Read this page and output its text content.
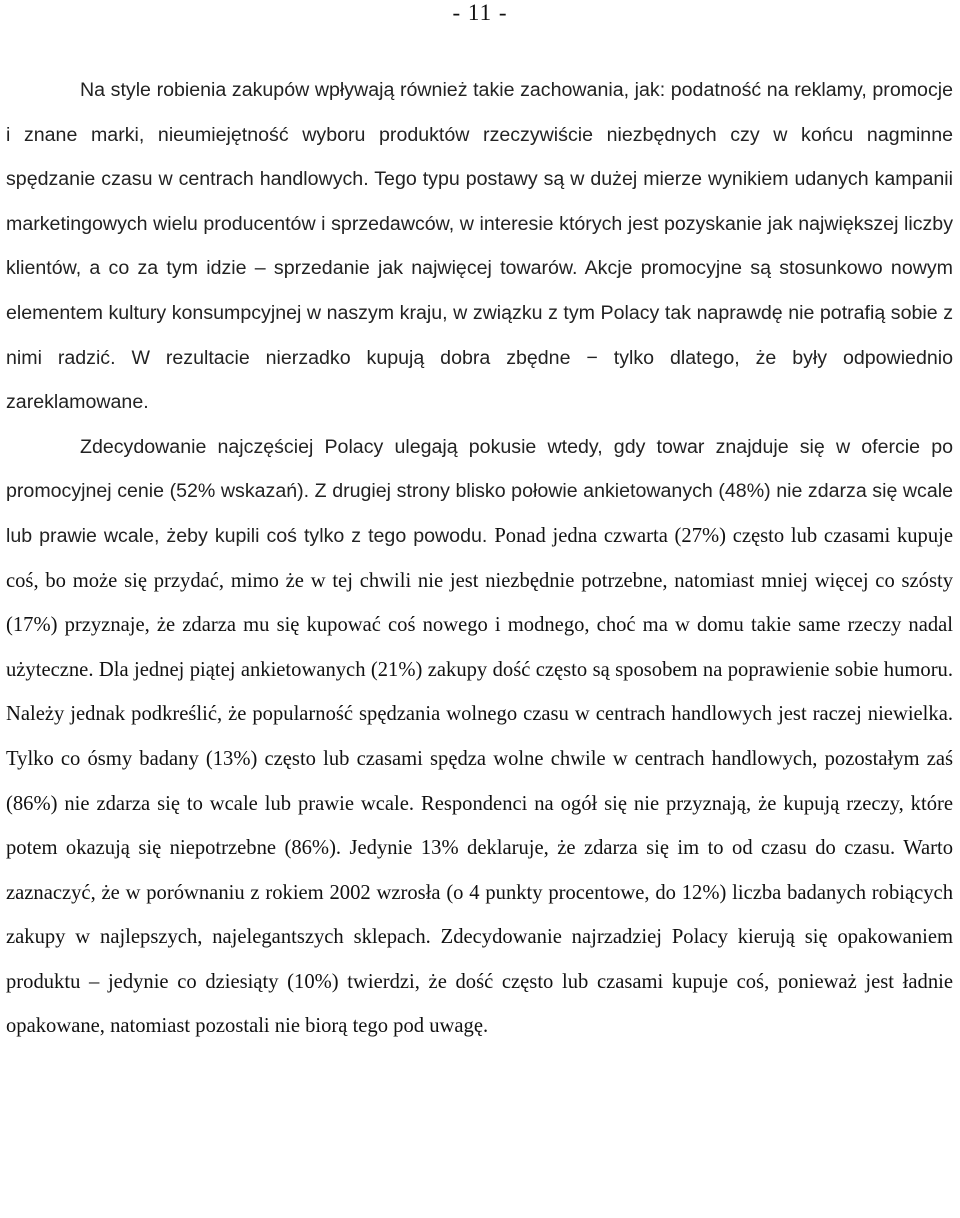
- 11 -

Na style robienia zakupów wpływają również takie zachowania, jak: podatność na reklamy, promocje i znane marki, nieumiejętność wyboru produktów rzeczywiście niezbędnych czy w końcu nagminne spędzanie czasu w centrach handlowych. Tego typu postawy są w dużej mierze wynikiem udanych kampanii marketingowych wielu producentów i sprzedawców, w interesie których jest pozyskanie jak największej liczby klientów, a co za tym idzie – sprzedanie jak najwięcej towarów. Akcje promocyjne są stosunkowo nowym elementem kultury konsumpcyjnej w naszym kraju, w związku z tym Polacy tak naprawdę nie potrafią sobie z nimi radzić. W rezultacie nierzadko kupują dobra zbędne − tylko dlatego, że były odpowiednio zareklamowane.

Zdecydowanie najczęściej Polacy ulegają pokusie wtedy, gdy towar znajduje się w ofercie po promocyjnej cenie (52% wskazań). Z drugiej strony blisko połowie ankietowanych (48%) nie zdarza się wcale lub prawie wcale, żeby kupili coś tylko z tego powodu. Ponad jedna czwarta (27%) często lub czasami kupuje coś, bo może się przydać, mimo że w tej chwili nie jest niezbędnie potrzebne, natomiast mniej więcej co szósty (17%) przyznaje, że zdarza mu się kupować coś nowego i modnego, choć ma w domu takie same rzeczy nadal użyteczne. Dla jednej piątej ankietowanych (21%) zakupy dość często są sposobem na poprawienie sobie humoru. Należy jednak podkreślić, że popularność spędzania wolnego czasu w centrach handlowych jest raczej niewielka. Tylko co ósmy badany (13%) często lub czasami spędza wolne chwile w centrach handlowych, pozostałym zaś (86%) nie zdarza się to wcale lub prawie wcale. Respondenci na ogół się nie przyznają, że kupują rzeczy, które potem okazują się niepotrzebne (86%). Jedynie 13% deklaruje, że zdarza się im to od czasu do czasu. Warto zaznaczyć, że w porównaniu z rokiem 2002 wzrosła (o 4 punkty procentowe, do 12%) liczba badanych robiących zakupy w najlepszych, najelegantszych sklepach. Zdecydowanie najrzadziej Polacy kierują się opakowaniem produktu – jedynie co dziesiąty (10%) twierdzi, że dość często lub czasami kupuje coś, ponieważ jest ładnie opakowane, natomiast pozostali nie biorą tego pod uwagę.
